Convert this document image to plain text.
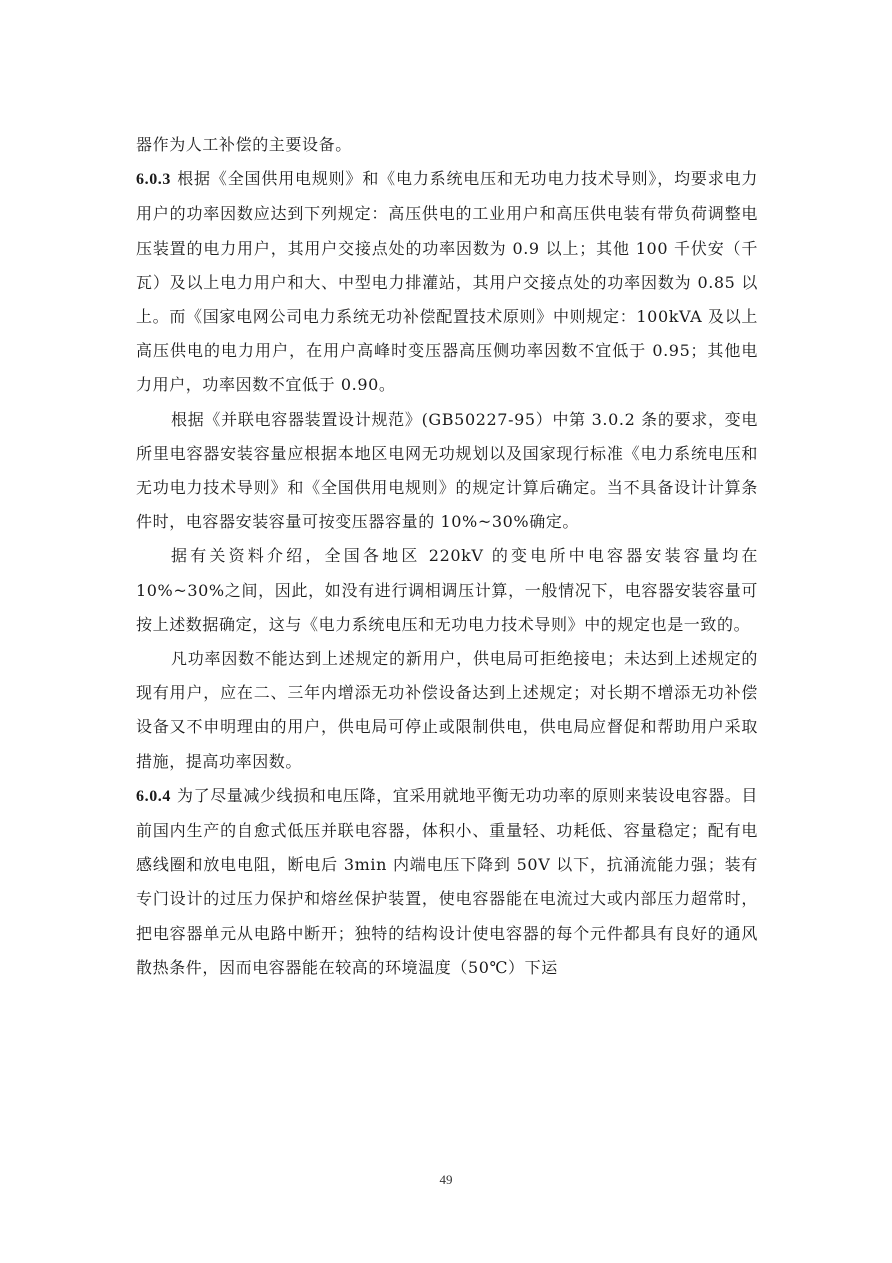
器作为人工补偿的主要设备。

6.0.3 根据《全国供用电规则》和《电力系统电压和无功电力技术导则》，均要求电力用户的功率因数应达到下列规定：高压供电的工业用户和高压供电装有带负荷调整电压装置的电力用户，其用户交接点处的功率因数为 0.9 以上；其他 100 千伏安（千瓦）及以上电力用户和大、中型电力排灌站，其用户交接点处的功率因数为 0.85 以上。而《国家电网公司电力系统无功补偿配置技术原则》中则规定：100kVA 及以上高压供电的电力用户，在用户高峰时变压器高压侧功率因数不宜低于 0.95；其他电力用户，功率因数不宜低于 0.90。

根据《并联电容器装置设计规范》(GB50227-95）中第 3.0.2 条的要求，变电所里电容器安装容量应根据本地区电网无功规划以及国家现行标准《电力系统电压和无功电力技术导则》和《全国供用电规则》的规定计算后确定。当不具备设计计算条件时，电容器安装容量可按变压器容量的 10%~30%确定。

据有关资料介绍，全国各地区 220kV 的变电所中电容器安装容量均在 10%~30%之间，因此，如没有进行调相调压计算，一般情况下，电容器安装容量可按上述数据确定，这与《电力系统电压和无功电力技术导则》中的规定也是一致的。

凡功率因数不能达到上述规定的新用户，供电局可拒绝接电；未达到上述规定的现有用户，应在二、三年内增添无功补偿设备达到上述规定；对长期不增添无功补偿设备又不申明理由的用户，供电局可停止或限制供电，供电局应督促和帮助用户采取措施，提高功率因数。

6.0.4 为了尽量减少线损和电压降，宜采用就地平衡无功功率的原则来装设电容器。目前国内生产的自愈式低压并联电容器，体积小、重量轻、功耗低、容量稳定；配有电感线圈和放电电阻，断电后 3min 内端电压下降到 50V 以下，抗涌流能力强；装有专门设计的过压力保护和熔丝保护装置，使电容器能在电流过大或内部压力超常时，把电容器单元从电路中断开；独特的结构设计使电容器的每个元件都具有良好的通风散热条件，因而电容器能在较高的环境温度（50℃）下运

49
